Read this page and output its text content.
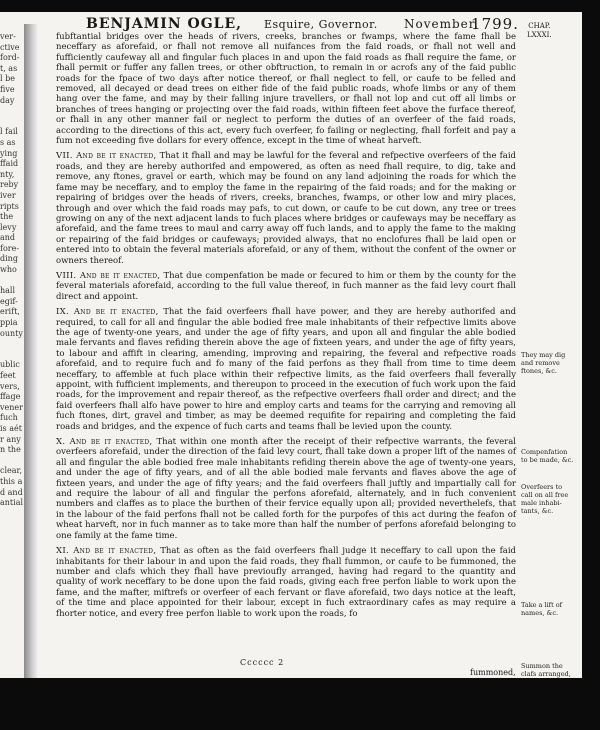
ver-
ctive
ford-
t, as
l be
five
day
l fail
s as
ying
ffaid
nty,
reby
iver
ripts
the
levy
and
fore-
ding
who
hall
egif-
erift,
ppia
ounty
ublic
feet
vers,
ffage
vener
fuch
is aét
r any
n the
clear,
this a
d and
antial
BENJAMIN OGLE, Esquire, Governor. November,
1799. CHAP.
LXXXI.
fubftantial bridges over the heads of rivers, creeks, branches or fwamps, where the fame fhall be neceffary as aforefaid, or fhall not remove all nuifances from the faid roads, or fhall not well and fufficiently caufeway all and fingular fuch places in and upon the faid roads as fhall require the fame, or fhall permit or fuffer any fallen trees, or other obftruction, to remain in or acrofs any of the faid public roads for the fpace of two days after notice thereof, or fhall neglect to fell, or caufe to be felled and removed, all decayed or dead trees on either fide of the faid public roads, whofe limbs or any of them hang over the fame, and may by their falling injure travellers, or fhall not lop and cut off all limbs or branches of trees hanging or projecting over the faid roads, within fifteen feet above the furface thereof, or fhall in any other manner fail or neglect to perform the duties of an overfeer of the faid roads, according to the directions of this act, every fuch overfeer, fo failing or neglecting, fhall forfeit and pay a fum not exceeding five dollars for every offence, except in the time of wheat harveft.
VII. And be it enacted, That it fhall and may be lawful for the feveral and refpective overfeers of the faid roads, and they are hereby authorifed and empowered, as often as need fhall require, to dig, take and remove, any ftones, gravel or earth, which may be found on any land adjoining the roads for which the fame may be neceffary, and to employ the fame in the repairing of the faid roads; and for the making or repairing of bridges over the heads of rivers, creeks, branches, fwamps, or other low and miry places, through and over which the faid roads may pafs, to cut down, or caufe to be cut down, any tree or trees growing on any of the next adjacent lands to fuch places where bridges or caufeways may be neceffary as aforefaid, and the fame trees to maul and carry away off fuch lands, and to apply the fame to the making or repairing of the faid bridges or caufeways; provided always, that no enclofures fhall be laid open or entered into to obtain the feveral materials aforefaid, or any of them, without the confent of the owner or owners thereof.
VIII. And be it enacted, That due compenfation be made or fecured to him or them by the county for the feveral materials aforefaid, according to the full value thereof, in fuch manner as the faid levy court fhall direct and appoint.
IX. And be it enacted, That the faid overfeers fhall have power, and they are hereby authorifed and required, to call for all and fingular the able bodied free male inhabitants of their refpective limits above the age of twenty-one years, and under the age of fifty years, and upon all and fingular the able bodied male fervants and flaves refiding therein above the age of fixteen years, and under the age of fifty years, to labour and affift in clearing, amending, improving and repairing, the feveral and refpective roads aforefaid, and to require fuch and fo many of the faid perfons as they fhall from time to time deem neceffary, to affemble at fuch place within their refpective limits, as the faid overfeers fhall feverally appoint, with fufficient implements, and thereupon to proceed in the execution of fuch work upon the faid roads, for the improvement and repair thereof, as the refpective overfeers fhall order and direct; and the faid overfeers fhall alfo have power to hire and employ carts and teams for the carrying and removing all fuch ftones, dirt, gravel and timber, as may be deemed requifite for repairing and completing the faid roads and bridges, and the expence of fuch carts and teams fhall be levied upon the county.
X. And be it enacted, That within one month after the receipt of their refpective warrants, the feveral overfeers aforefaid, under the direction of the faid levy court, fhall take down a proper lift of the names of all and fingular the able bodied free male inhabitants refiding therein above the age of twenty-one years, and under the age of fifty years, and of all the able bodied male fervants and flaves above the age of fixteen years, and under the age of fifty years; and the faid overfeers fhall juftly and impartially call for and require the labour of all and fingular the perfons aforefaid, alternately, and in fuch convenient numbers and claffes as to place the burthen of their fervice equally upon all; provided neverthelefs, that in the labour of the faid perfons fhall not be called forth for the purpofes of this act during the feafon of wheat harveft, nor in fuch manner as to take more than half the number of perfons aforefaid belonging to one family at the fame time.
XI. And be it enacted, That as often as the faid overfeers fhall judge it neceffary to call upon the faid inhabitants for their labour in and upon the faid roads, they fhall fummon, or caufe to be fummoned, the number and clafs which they fhall have previoufly arranged, having had regard to the quantity and quality of work neceffary to be done upon the faid roads, giving each free perfon liable to work upon the fame, and the mafter, miftrefs or overfeer of each fervant or flave aforefaid, two days notice at the leaft, of the time and place appointed for their labour, except in fuch extraordinary cafes as may require a fhorter notice, and every free perfon liable to work upon the roads, fo
They may dig
and remove
ftones, &c.
Compenfation
to be made, &c.
Overfeers to
call on all free
male inhabi-
tants, &c.
Take a lift of
names, &c.
Summon the
clafs arranged,
Cccccc 2
fummoned,
